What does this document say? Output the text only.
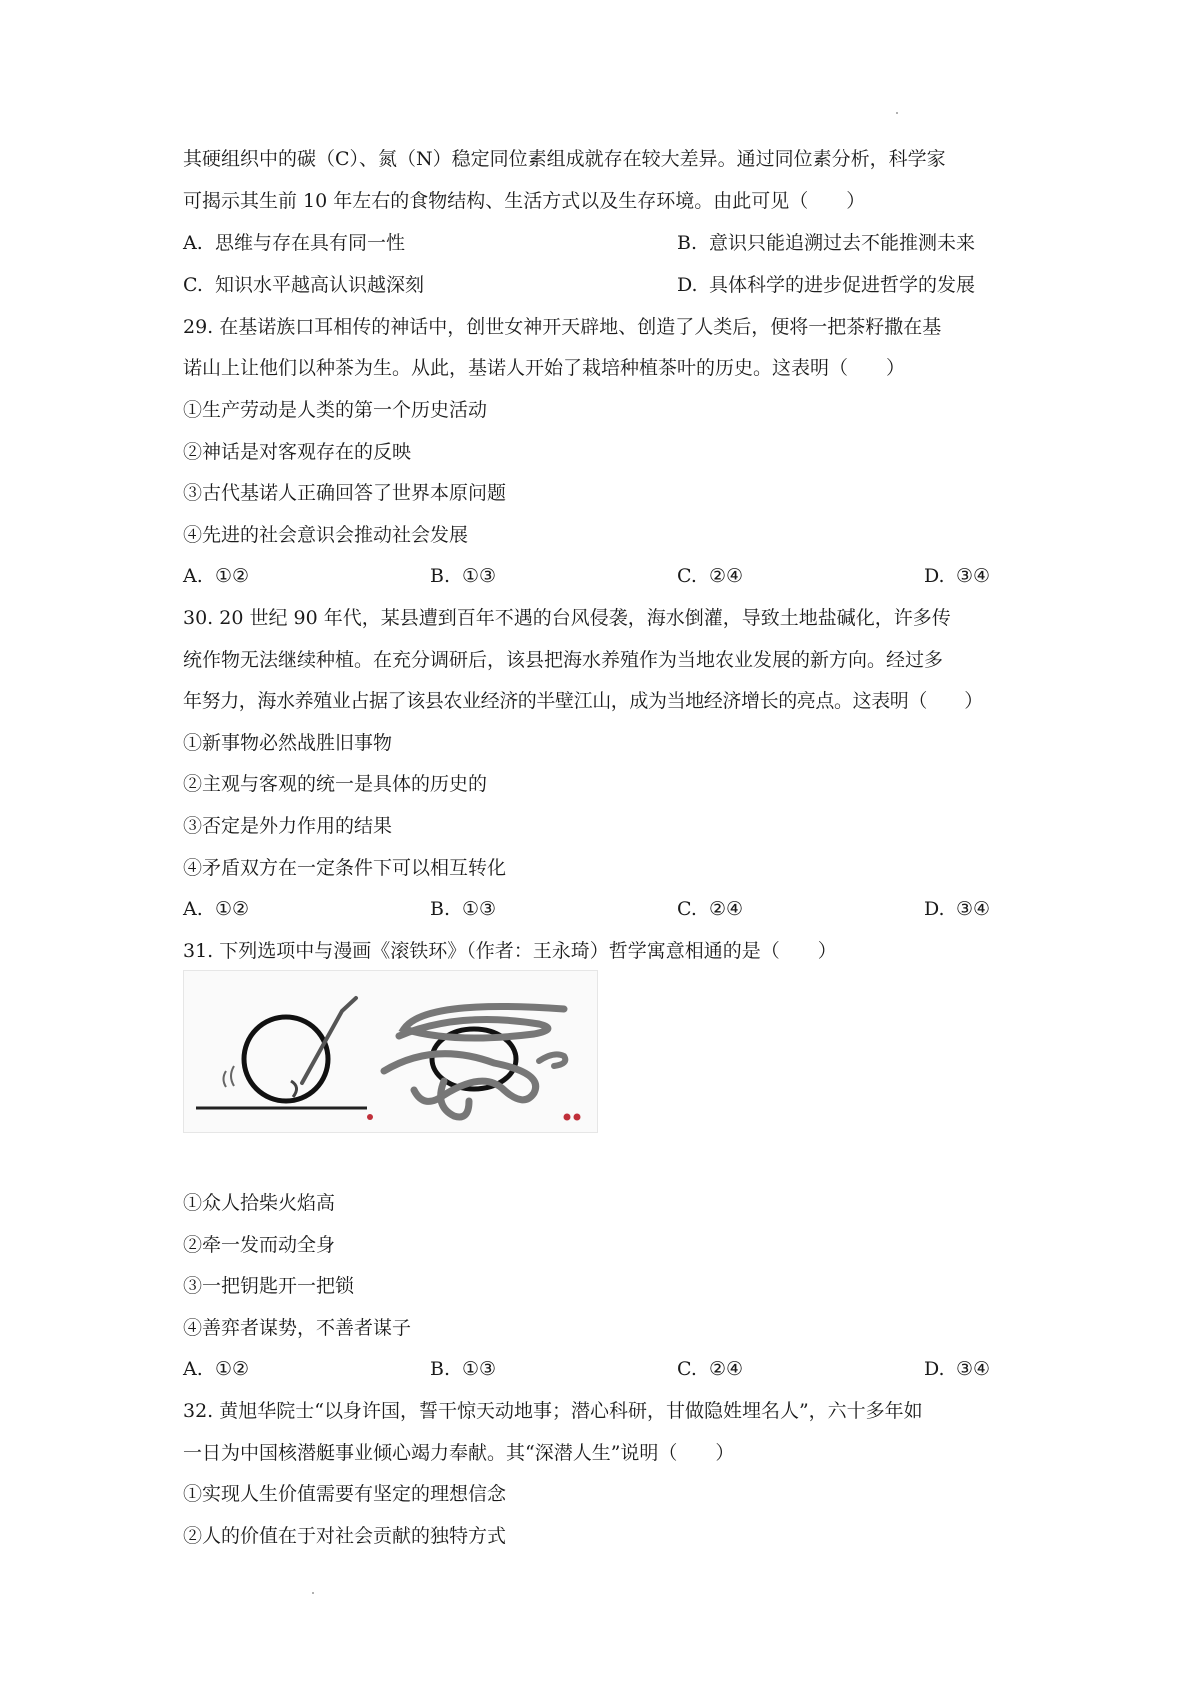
其硬组织中的碳（C）、氮（N）稳定同位素组成就存在较大差异。通过同位素分析，科学家
可揭示其生前 10 年左右的食物结构、生活方式以及生存环境。由此可见（　　）
A. 思维与存在具有同一性	B. 意识只能追溯过去不能推测未来
C. 知识水平越高认识越深刻	D. 具体科学的进步促进哲学的发展
29. 在基诺族口耳相传的神话中，创世女神开天辟地、创造了人类后，便将一把茶籽撒在基
诺山上让他们以种茶为生。从此，基诺人开始了栽培种植茶叶的历史。这表明（　　）
①生产劳动是人类的第一个历史活动
②神话是对客观存在的反映
③古代基诺人正确回答了世界本原问题
④先进的社会意识会推动社会发展
A. ①②	B. ①③	C. ②④	D. ③④
30. 20 世纪 90 年代，某县遭到百年不遇的台风侵袭，海水倒灌，导致土地盐碱化，许多传
统作物无法继续种植。在充分调研后，该县把海水养殖作为当地农业发展的新方向。经过多
年努力，海水养殖业占据了该县农业经济的半壁江山，成为当地经济增长的亮点。这表明（　　）
①新事物必然战胜旧事物
②主观与客观的统一是具体的历史的
③否定是外力作用的结果
④矛盾双方在一定条件下可以相互转化
A. ①②	B. ①③	C. ②④	D. ③④
31. 下列选项中与漫画《滚铁环》（作者：王永琦）哲学寓意相通的是（　　）
①众人拾柴火焰高
②牵一发而动全身
③一把钥匙开一把锁
④善弈者谋势，不善者谋子
A. ①②	B. ①③	C. ②④	D. ③④
32. 黄旭华院士“以身许国，誓干惊天动地事；潜心科研，甘做隐姓埋名人”，六十多年如
一日为中国核潜艇事业倾心竭力奉献。其“深潜人生”说明（　　）
①实现人生价值需要有坚定的理想信念
②人的价值在于对社会贡献的独特方式
